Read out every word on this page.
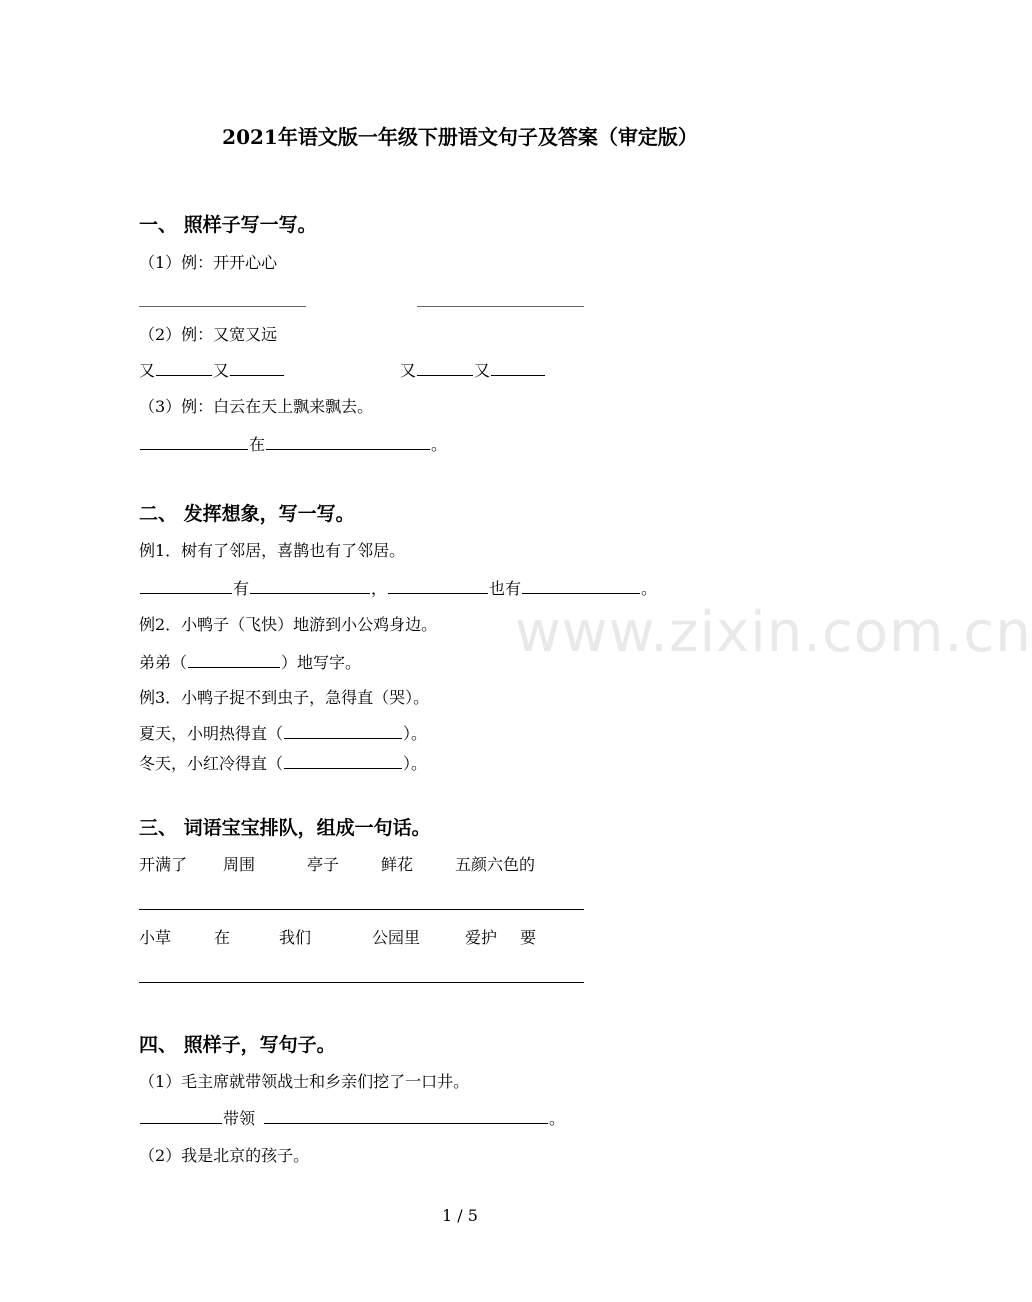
www.zixin.com.cn
2021年语文版一年级下册语文句子及答案（审定版）
一、 照样子写一写。
（1）例：开开心心
（2）例：又宽又远
又	又	又	又
（3）例：白云在天上飘来飘去。
在	。
二、 发挥想象，写一写。
例1．树有了邻居，喜鹊也有了邻居。
有	，	也有	。
例2．小鸭子（飞快）地游到小公鸡身边。
弟弟（	）地写字。
例3．小鸭子捉不到虫子，急得直（哭）。
夏天，小明热得直（	）。
冬天，小红冷得直（	）。
三、 词语宝宝排队，组成一句话。
开满了 周围	亭子	鲜花	五颜六色的
小草	在	我们	公园里	爱护 要
四、 照样子，写句子。
（1）毛主席就带领战士和乡亲们挖了一口井。
带领	。
（2）我是北京的孩子。
1 / 5
